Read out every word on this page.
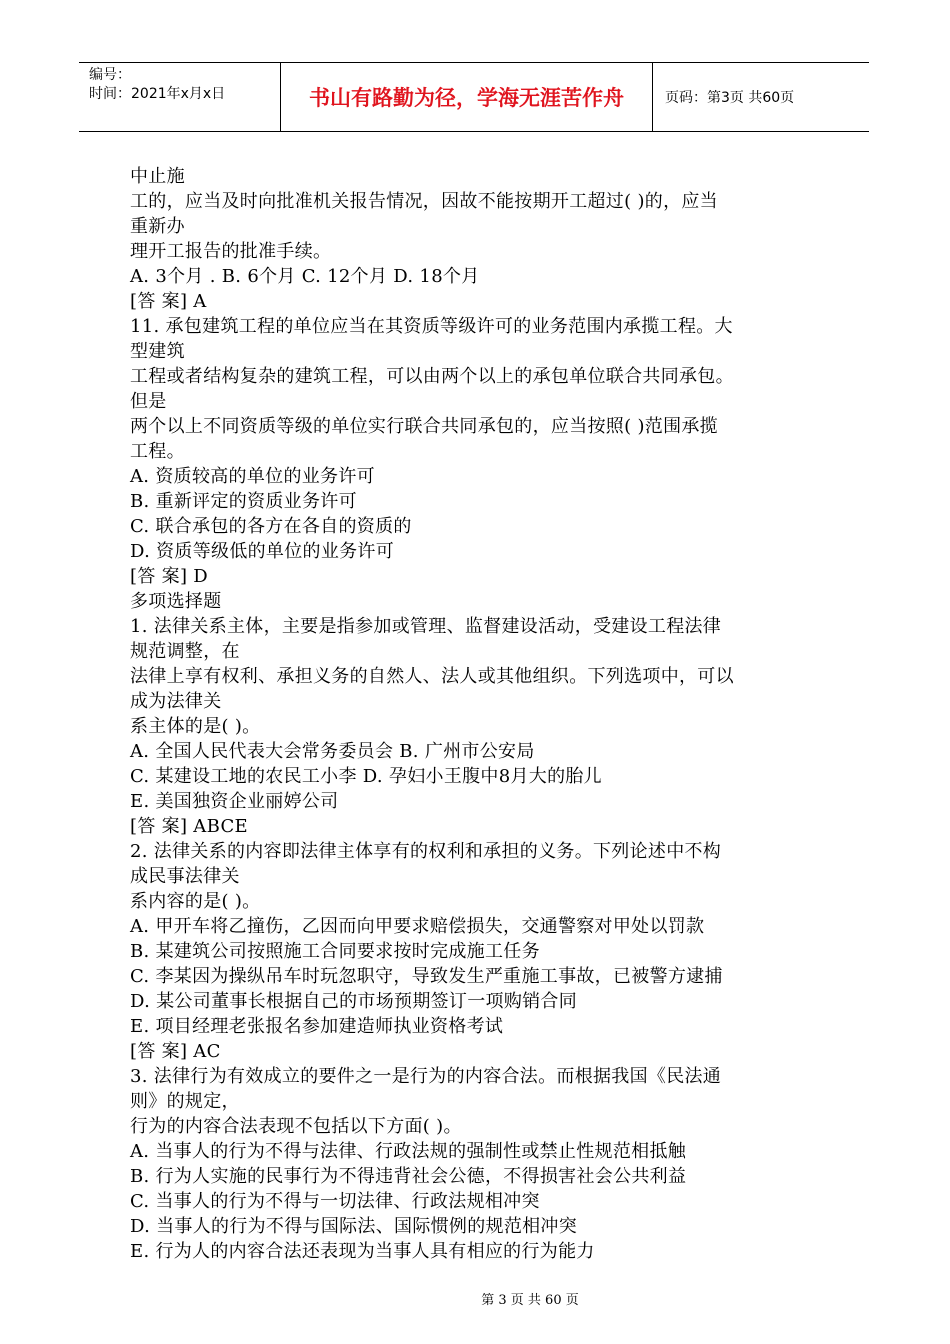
编号：
时间：2021年x月x日	书山有路勤为径，学海无涯苦作舟	页码：第3页 共60页
中止施
工的，应当及时向批准机关报告情况，因故不能按期开工超过( )的，应当
重新办
理开工报告的批准手续。
A. 3个月 . B. 6个月 C. 12个月 D. 18个月
[答 案] A
11. 承包建筑工程的单位应当在其资质等级许可的业务范围内承揽工程。大
型建筑
工程或者结构复杂的建筑工程，可以由两个以上的承包单位联合共同承包。
但是
两个以上不同资质等级的单位实行联合共同承包的，应当按照( )范围承揽
工程。
A. 资质较高的单位的业务许可
B. 重新评定的资质业务许可
C. 联合承包的各方在各自的资质的
D. 资质等级低的单位的业务许可
[答 案] D
多项选择题
1. 法律关系主体，主要是指参加或管理、监督建设活动，受建设工程法律
规范调整，在
法律上享有权利、承担义务的自然人、法人或其他组织。下列选项中，可以
成为法律关
系主体的是( )。
A. 全国人民代表大会常务委员会 B. 广州市公安局
C. 某建设工地的农民工小李 D. 孕妇小王腹中8月大的胎儿
E. 美国独资企业丽婷公司
[答 案] ABCE
2. 法律关系的内容即法律主体享有的权利和承担的义务。下列论述中不构
成民事法律关
系内容的是( )。
A. 甲开车将乙撞伤，乙因而向甲要求赔偿损失，交通警察对甲处以罚款
B. 某建筑公司按照施工合同要求按时完成施工任务
C. 李某因为操纵吊车时玩忽职守，导致发生严重施工事故，已被警方逮捕
D. 某公司董事长根据自己的市场预期签订一项购销合同
E. 项目经理老张报名参加建造师执业资格考试
[答 案] AC
3. 法律行为有效成立的要件之一是行为的内容合法。而根据我国《民法通
则》的规定，
行为的内容合法表现不包括以下方面( )。
A. 当事人的行为不得与法律、行政法规的强制性或禁止性规范相抵触
B. 行为人实施的民事行为不得违背社会公德，不得损害社会公共利益
C. 当事人的行为不得与一切法律、行政法规相冲突
D. 当事人的行为不得与国际法、国际惯例的规范相冲突
E. 行为人的内容合法还表现为当事人具有相应的行为能力
第 3 页 共 60 页
